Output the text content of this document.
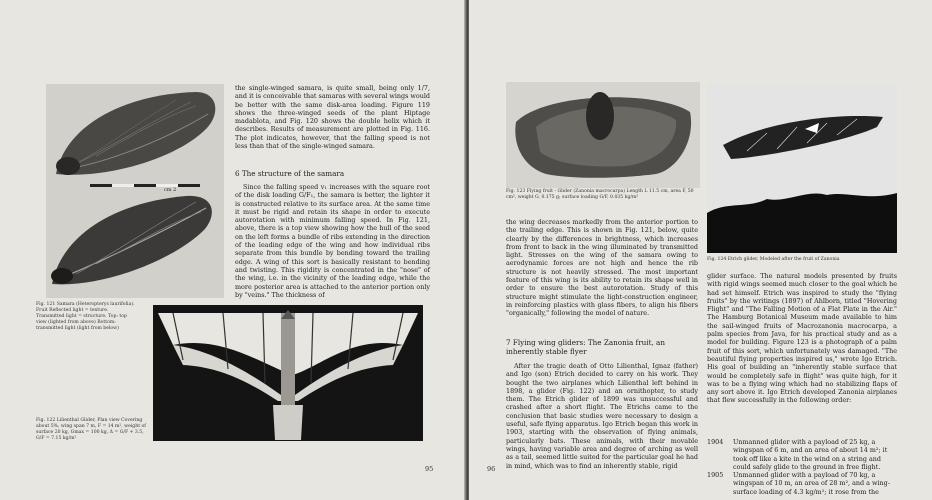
cm 2

the single-winged samara, is quite small, being only 1/7, and it is conceivable that samaras with several wings would be better with the same disk-area loading. Figure 119 shows the three-winged seeds of the plant Hiptage madablota, and Fig. 120 shows the double helix which it describes. Results of measurement are plotted in Fig. 116. The plot indicates, however, that the falling speed is not less than that of the single-winged samara.

6 The structure of the samara

Since the falling speed v₁ increases with the square root of the disk loading G/F₁, the samara is better, the lighter it is constructed relative to its surface area. At the same time it must be rigid and retain its shape in order to execute autorotation with minimum falling speed. In Fig. 121, above, there is a top view showing how the hull of the seed on the left forms a bundle of ribs extending in the direction of the leading edge of the wing and how individual ribs separate from this bundle by bending toward the trailing edge. A wing of this sort is basically resistant to bending and twisting. This rigidity is concentrated in the "nose" of the wing, i.e. in the vicinity of the leading edge, while the more posterior area is attached to the anterior portion only by "veins." The thickness of

Fig. 121 Samara (Heteropterys laurifolia). Fruit Reflected light = texture. Transmitted light = structure. Top: top view (lighted from above) Bottom: transmitted light (light from below)

Fig. 122 Lilienthal Glider, Plan view Covering about 5%, wing span 7 m, F = 14 m², weight of surface 20 kg, Gmax = 100 kg, Δ = G/F + 3.5, G/F = 7.15 kg/m²

95

Fig. 123 Flying fruit - Glider (Zanonia macrocarpa) Length L 11.5 cm, area F, 50 cm², weight G, 0.175 g; surface loading G/F, 0.035 kg/m²

Fig. 124 Etrich glider, Modeled after the fruit of Zanonia

the wing decreases markedly from the anterior portion to the trailing edge. This is shown in Fig. 121, below, quite clearly by the differences in brightness, which increases from front to back in the wing illuminated by transmitted light. Stresses on the wing of the samara owing to aerodynamic forces are not high and hence the rib structure is not heavily stressed. The most important feature of this wing is its ability to retain its shape well in order to ensure the best autorotation. Study of this structure might stimulate the light-construction engineer, in reinforcing plastics with glass fibers, to align his fibers "organically," following the model of nature.

7 Flying wing gliders: The Zanonia fruit, an inherently stable flyer

After the tragic death of Otto Lilienthal, Ignaz (father) and Igo (son) Etrich decided to carry on his work. They bought the two airplanes which Lilienthal left behind in 1898, a glider (Fig. 122) and an ornithopter, to study them. The Etrich glider of 1899 was unsuccessful and crashed after a short flight. The Etrichs came to the conclusion that basic studies were necessary to design a useful, safe flying apparatus. Igo Etrich began this work in 1903, starting with the observation of flying animals, particularly bats. These animals, with their movable wings, having variable area and degree of arching as well as a tail, seemed little suited for the particular goal he had in mind, which was to find an inherently stable, rigid

glider surface. The natural models presented by fruits with rigid wings seemed much closer to the goal which he had set himself. Etrich was inspired to study the "flying fruits" by the writings (1897) of Ahlborn, titled "Hovering Flight" and "The Falling Motion of a Flat Plate in the Air." The Hamburg Botanical Museum made available to him the sail-winged fruits of Macrozanonia macrocarpa, a palm species from Java, for his practical study and as a model for building. Figure 123 is a photograph of a palm fruit of this sort, which unfortunately was damaged. "The beautiful flying properties inspired us," wrote Igo Etrich. His goal of building an "inherently stable surface that would be completely safe in flight" was quite high, for it was to be a flying wing which had no stabilizing flaps of any sort above it. Igo Etrich developed Zanonia airplanes that flew successfully in the following order:

1904	Unmanned glider with a payload of 25 kg, a wingspan of 6 m, and an area of about 14 m²; it took off like a kite in the wind on a string and could safely glide to the ground in free flight.
1905	Unmanned glider with a payload of 70 kg, a wingspan of 10 m, an area of 28 m², and a wing-surface loading of 4.3 kg/m²; it rose from the
96
